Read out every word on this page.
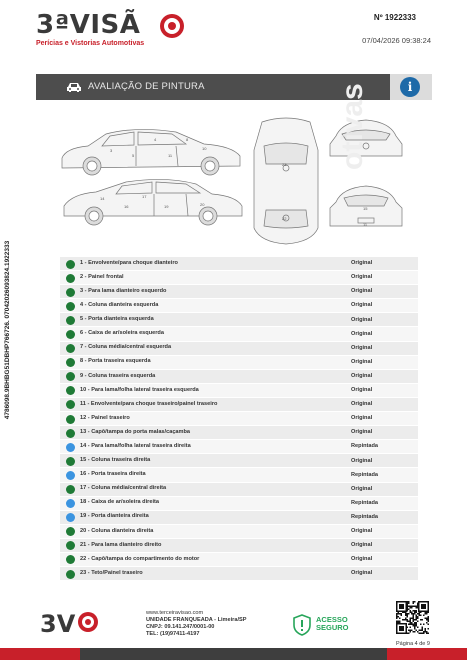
3ªVISÃ
Perícias e Vistorias Automotivas
Nº 1922333
07/04/2026 09:38:24
AVALIAÇÃO DE PINTURA	i
otivas
3
5
4
11
8
10
14
16
17
19	20
23
22
15
11
4786098.9BHBG51DBHP766726. 07042026093824.1922333	1 - Envolvente/para choque dianteiro	Original
2 - Painel frontal	Original
3 - Para lama dianteiro esquerdo	Original
4 - Coluna dianteira esquerda	Original
5 - Porta dianteira esquerda	Original
6 - Caixa de ar/soleira esquerda	Original
7 - Coluna média/central esquerda	Original
8 - Porta traseira esquerda	Original
9 - Coluna traseira esquerda	Original
10 - Para lama/folha lateral traseira esquerda	Original
11 - Envolvente/para choque traseiro/painel traseiro	Original
12 - Painel traseiro	Original
13 - Capô/tampa do porta malas/caçamba	Original
14 - Para lama/folha lateral traseira direita	Repintada
15 - Coluna traseira direita	Original
16 - Porta traseira direita	Repintada
17 - Coluna média/central direita	Original
18 - Caixa de ar/soleira direita	Repintada
19 - Porta dianteira direita	Repintada
20 - Coluna dianteira direita	Original
21 - Para lama dianteiro direito	Original
22 - Capô/tampa do compartimento do motor	Original
23 - Teto/Painel traseiro	Original
3V	www.terceiravisao.com
UNIDADE FRANQUEADA - Limeira/SP
CNPJ: 09.141.247/0001-00
TEL: (19)97411-4197
ACESSO
SEGURO
Página 4 de 9
